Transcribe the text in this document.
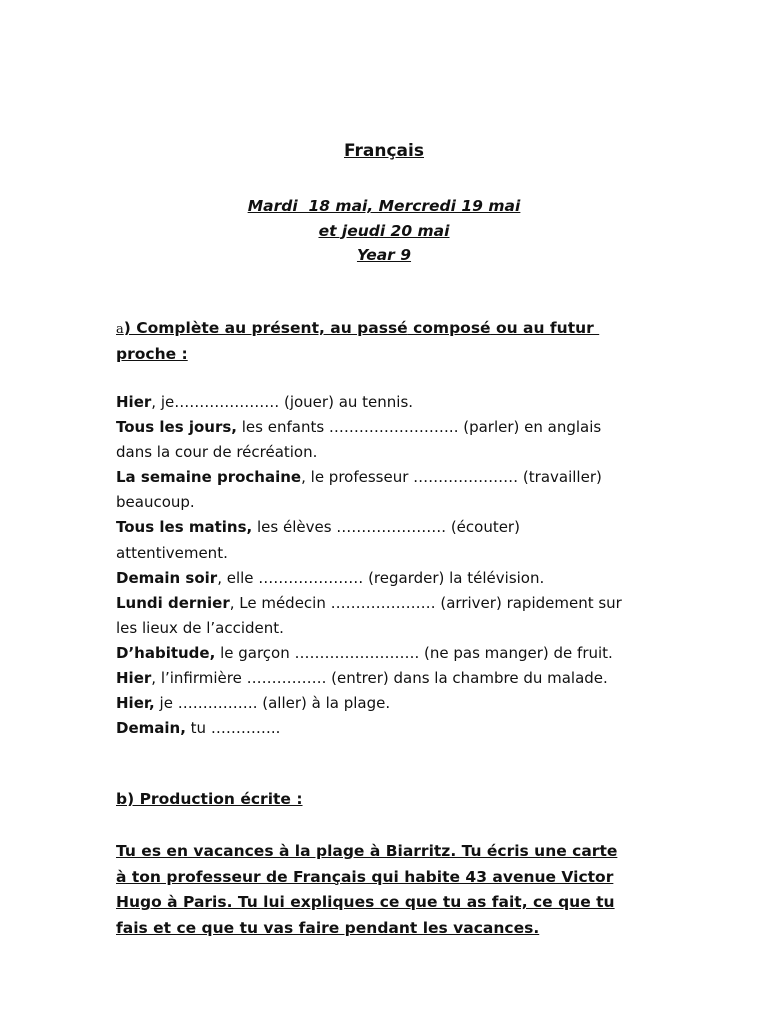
Français
Mardi  18 mai, Mercredi 19 mai
et jeudi 20 mai
Year 9
a) Complète au présent, au passé composé ou au futur
proche :
Hier, je………………… (jouer) au tennis.
Tous les jours, les enfants …………………….. (parler) en anglais
dans la cour de récréation.
La semaine prochaine, le professeur ………………… (travailler)
beaucoup.
Tous les matins, les élèves …………………. (écouter)
attentivement.
Demain soir, elle ………………… (regarder) la télévision.
Lundi dernier, Le médecin ………………… (arriver) rapidement sur
les lieux de l’accident.
D’habitude, le garçon ……………………. (ne pas manger) de fruit.
Hier, l’infirmière ……………. (entrer) dans la chambre du malade.
Hier, je ……………. (aller) à la plage.
Demain, tu …………..
b) Production écrite :
Tu es en vacances à la plage à Biarritz. Tu écris une carte
à ton professeur de Français qui habite 43 avenue Victor
Hugo à Paris. Tu lui expliques ce que tu as fait, ce que tu
fais et ce que tu vas faire pendant les vacances.
